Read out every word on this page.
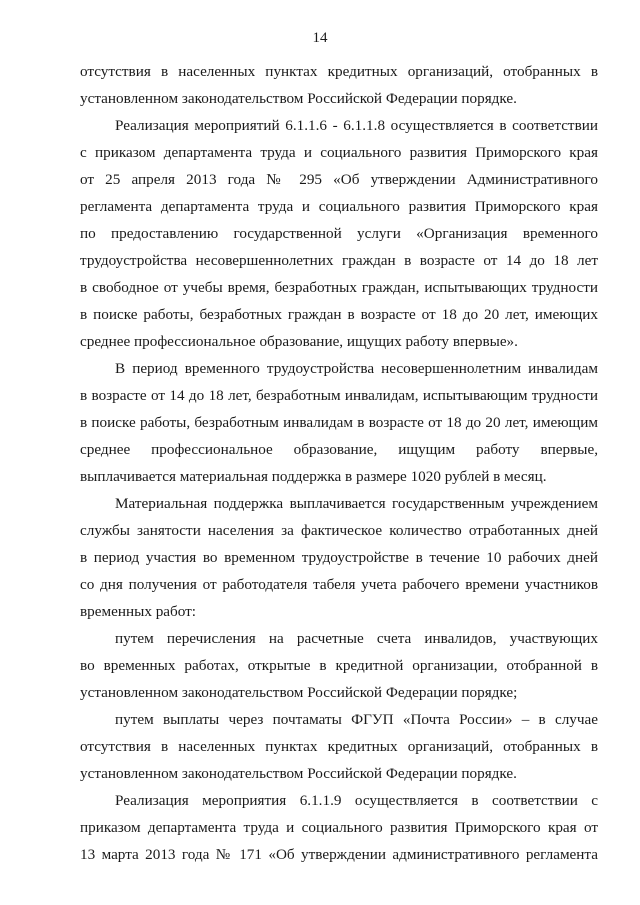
14
отсутствия в населенных пунктах кредитных организаций, отобранных в
установленном законодательством Российской Федерации порядке.
Реализация мероприятий 6.1.1.6 - 6.1.1.8 осуществляется в соответствии
с приказом департамента труда и социального развития Приморского края
от 25 апреля 2013 года № 295 «Об утверждении Административного
регламента департамента труда и социального развития Приморского края
по предоставлению государственной услуги «Организация временного
трудоустройства несовершеннолетних граждан в возрасте от 14 до 18 лет
в свободное от учебы время, безработных граждан, испытывающих трудности
в поиске работы, безработных граждан в возрасте от 18 до 20 лет, имеющих
среднее профессиональное образование, ищущих работу впервые».
В период временного трудоустройства несовершеннолетним инвалидам
в возрасте от 14 до 18 лет, безработным инвалидам, испытывающим трудности
в поиске работы, безработным инвалидам в возрасте от 18 до 20 лет, имеющим
среднее профессиональное образование, ищущим работу впервые,
выплачивается материальная поддержка в размере 1020 рублей в месяц.
Материальная поддержка выплачивается государственным учреждением
службы занятости населения за фактическое количество отработанных дней
в период участия во временном трудоустройстве в течение 10 рабочих дней
со дня получения от работодателя табеля учета рабочего времени участников
временных работ:
путем перечисления на расчетные счета инвалидов, участвующих
во временных работах, открытые в кредитной организации, отобранной в
установленном законодательством Российской Федерации порядке;
путем выплаты через почтаматы ФГУП «Почта России» – в случае
отсутствия в населенных пунктах кредитных организаций, отобранных в
установленном законодательством Российской Федерации порядке.
Реализация мероприятия 6.1.1.9 осуществляется в соответствии с
приказом департамента труда и социального развития Приморского края от
13 марта 2013 года № 171 «Об утверждении административного регламента
